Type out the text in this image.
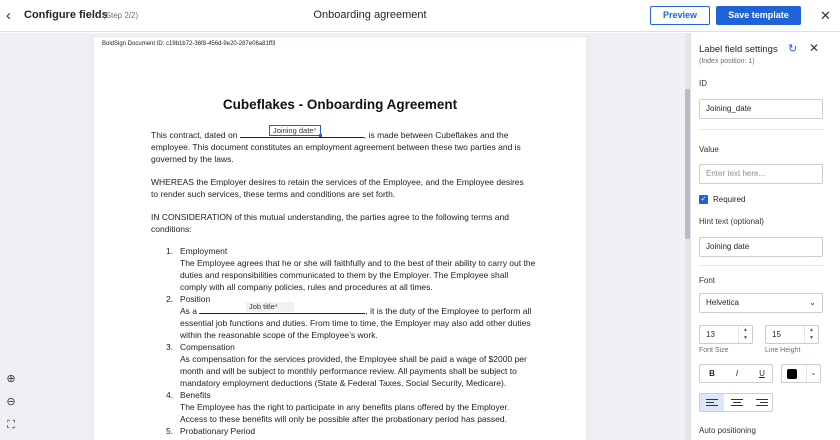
‹	Configure fields
(Step 2/2)	Onboarding agreement	Preview	Save template	✕
BoldSign Document ID: c19b1b72-36f8-456d-9e20-287e06a81ff3
Cubeflakes - Onboarding Agreement
This contract, dated on	, is made between Cubeflakes and the employee. This document constitutes an employment agreement between these two parties and is governed by the laws.
Joining date*
WHEREAS the Employer desires to retain the services of the Employee, and the Employee desires to render such services, these terms and conditions are set forth.
IN CONSIDERATION of this mutual understanding, the parties agree to the following terms and conditions:
1. Employment
The Employee agrees that he or she will faithfully and to the best of their ability to carry out the duties and responsibilities communicated to them by the Employer. The Employee shall comply with all company policies, rules and procedures at all times.
2. Position
As a	, it is the duty of the Employee to perform all essential job functions and duties. From time to time, the Employer may also add other duties within the reasonable scope of the Employee’s work.
3. Compensation
As compensation for the services provided, the Employee shall be paid a wage of $2000 per month and will be subject to monthly performance review. All payments shall be subject to mandatory employment deductions (State & Federal Taxes, Social Security, Medicare).
4. Benefits
The Employee has the right to participate in any benefits plans offered by the Employer. Access to these benefits will only be possible after the probationary period has passed.
5. Probationary Period
Job title*
⊕
⊖
⛶
Label field settings
(Index position: 1)
↻ ✕
ID
Joining_date
Value
Enter text here...
✓ Required
Hint text (optional)
Joining date
Font
Helvetica	⌄
13	▲
▼
Font Size
15	▲
▼
Line Height
B	I	U	⌄
Auto positioning
